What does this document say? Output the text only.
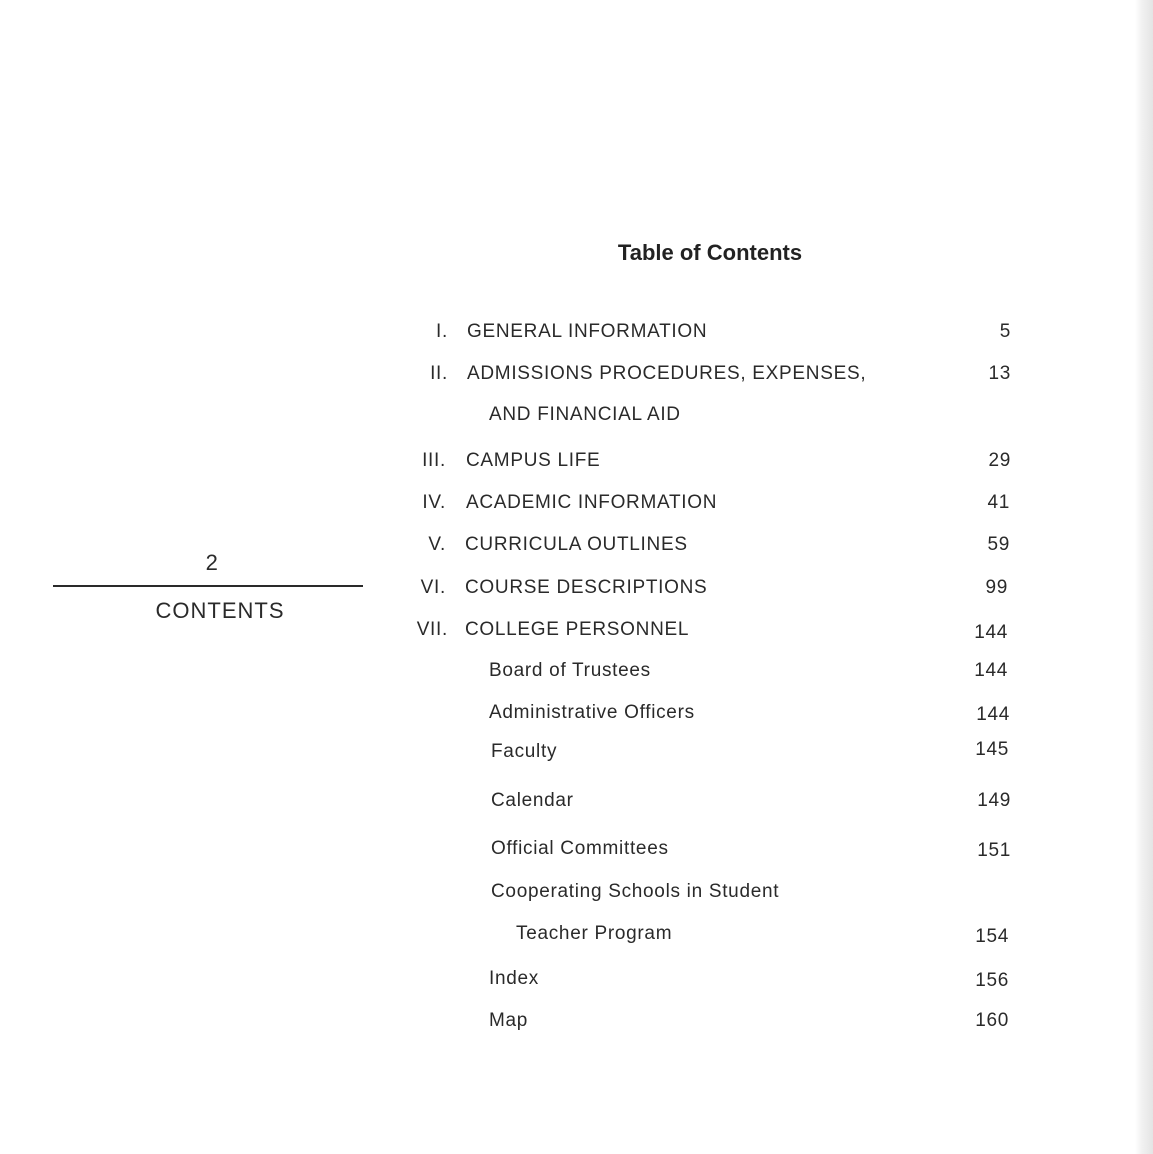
2
CONTENTS
Table of Contents
I. GENERAL INFORMATION	5
II. ADMISSIONS PROCEDURES, EXPENSES,	13
AND FINANCIAL AID
III. CAMPUS LIFE	29
IV. ACADEMIC INFORMATION	41
V. CURRICULA OUTLINES	59
VI. COURSE DESCRIPTIONS	99
VII. COLLEGE PERSONNEL	144
Board of Trustees	144
Administrative Officers	144
Faculty	145
Calendar	149
Official Committees	151
Cooperating Schools in Student
Teacher Program	154
Index	156
Map	160
